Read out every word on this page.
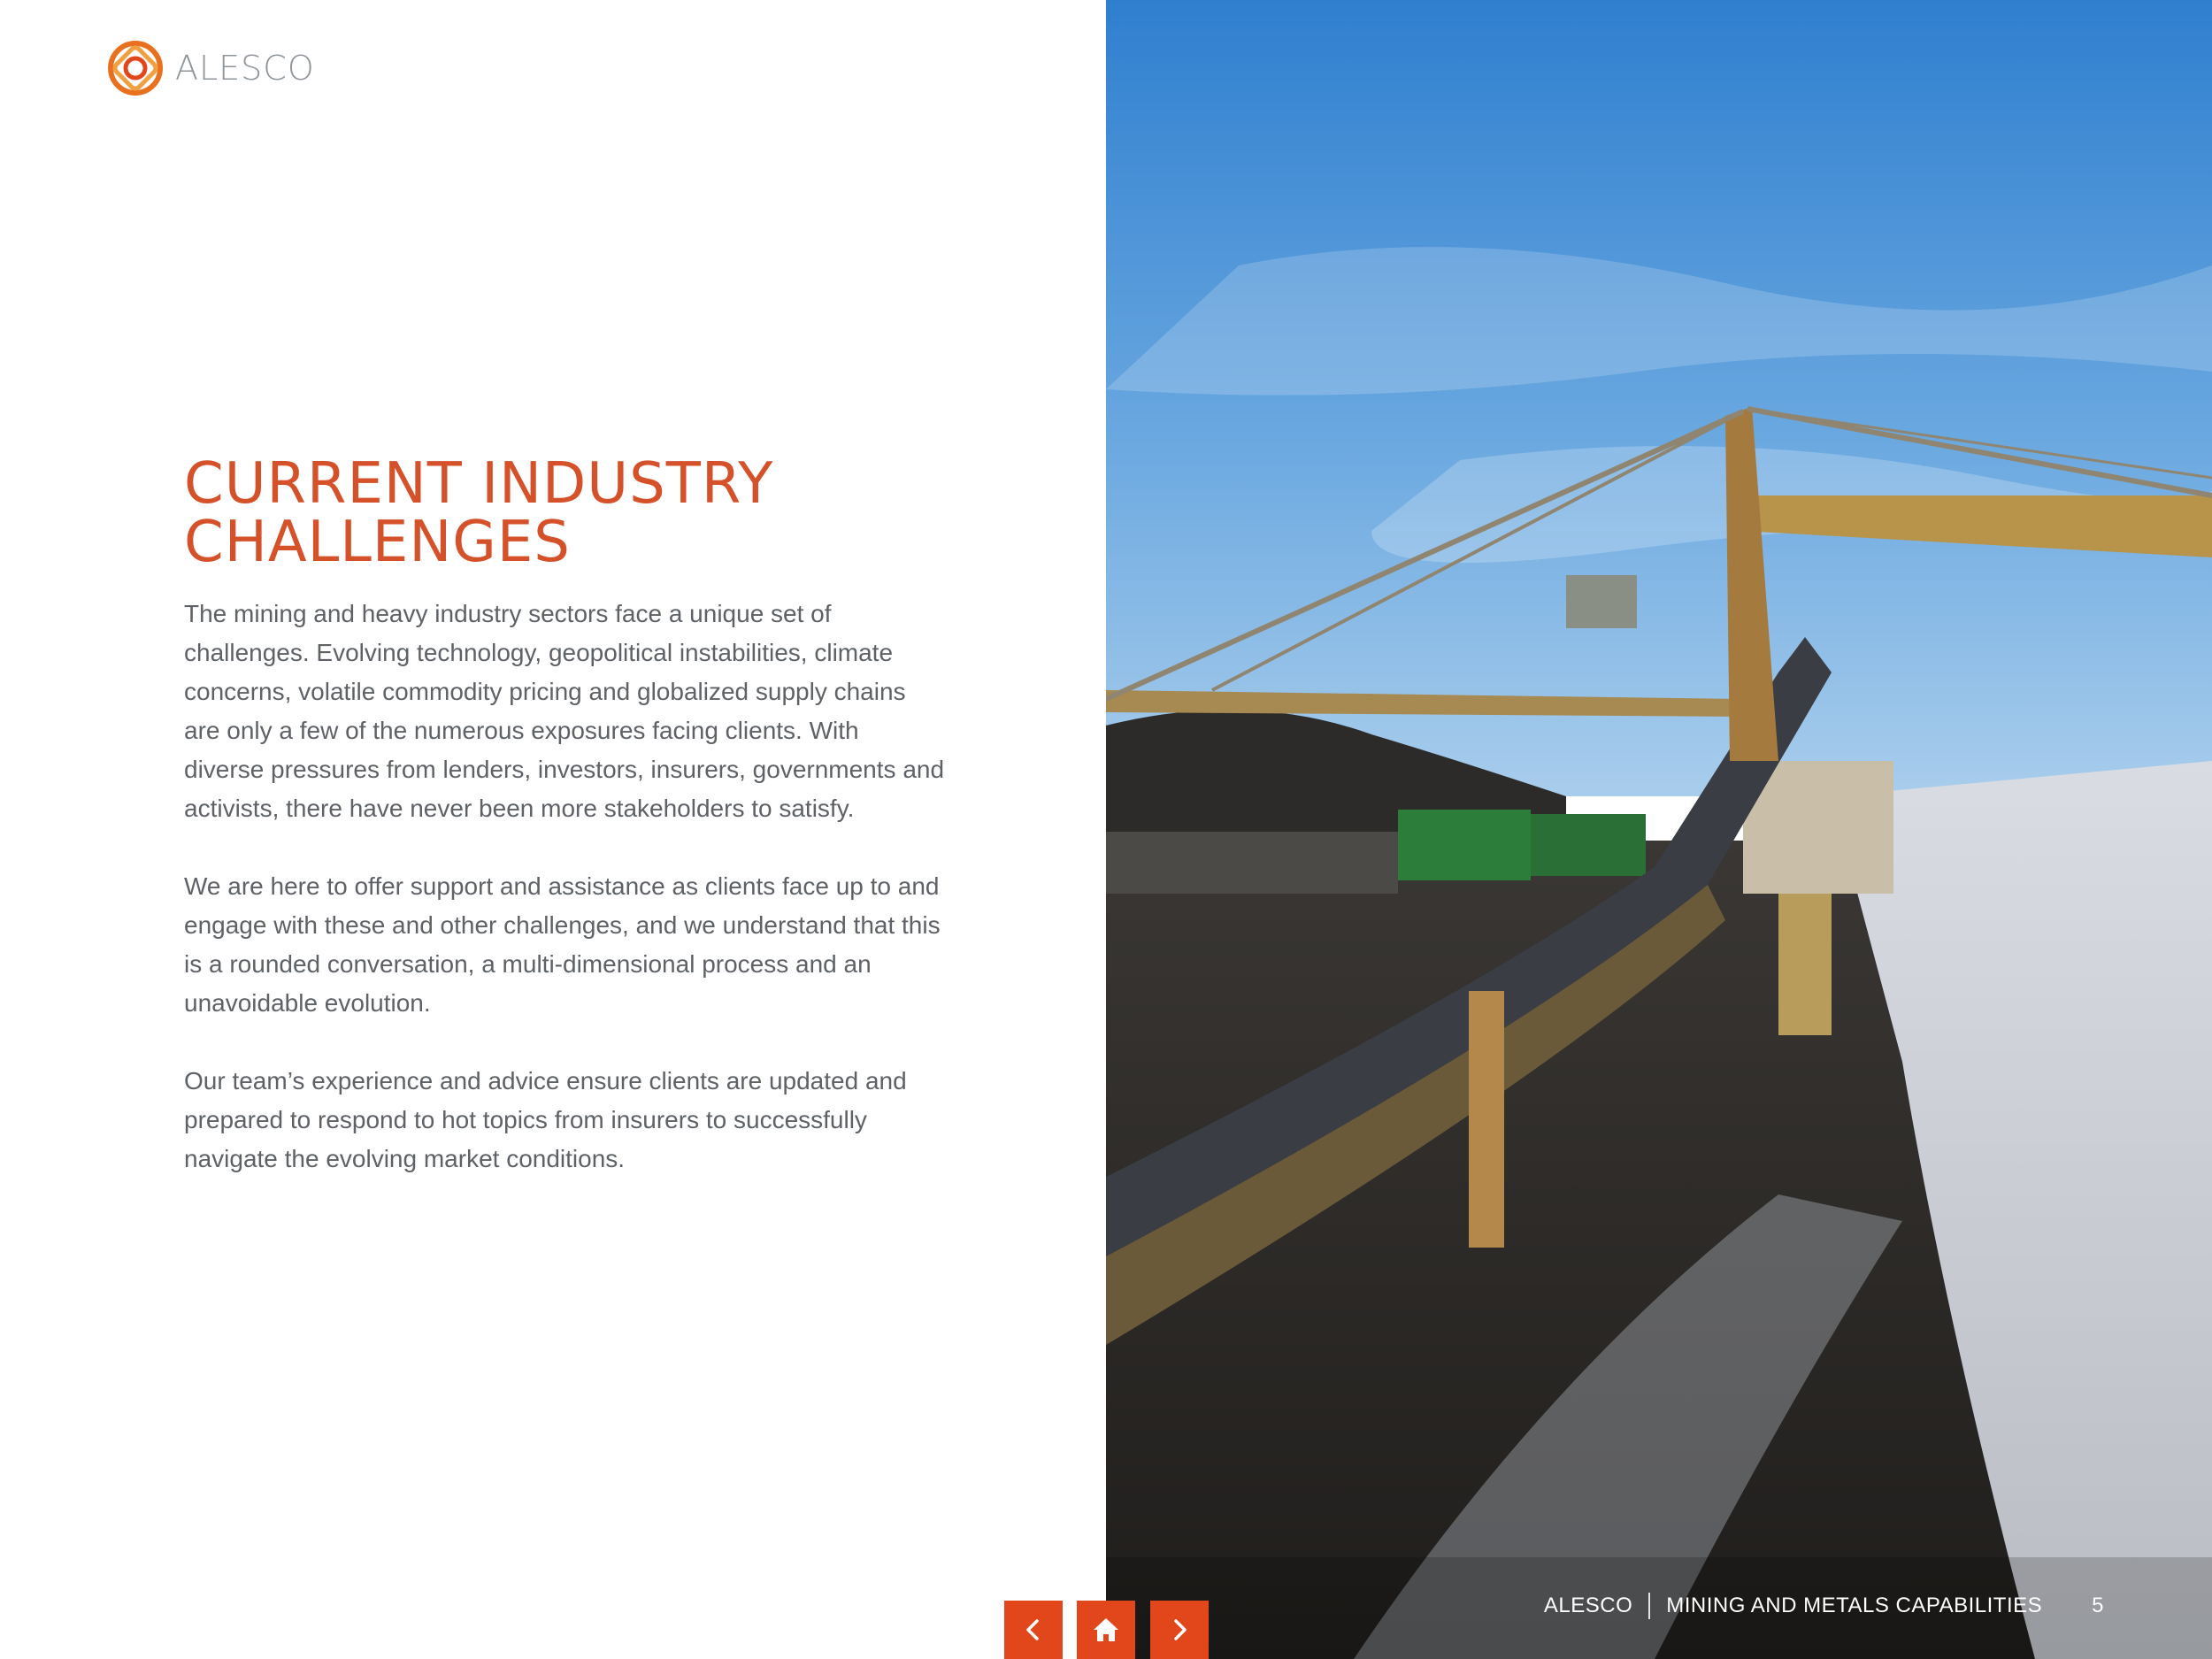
ALESCO
CURRENT INDUSTRY
CHALLENGES

The mining and heavy industry sectors face a unique set of challenges. Evolving technology, geopolitical instabilities, climate concerns, volatile commodity pricing and globalized supply chains are only a few of the numerous exposures facing clients. With diverse pressures from lenders, investors, insurers, governments and activists, there have never been more stakeholders to satisfy.

We are here to offer support and assistance as clients face up to and engage with these and other challenges, and we understand that this is a rounded conversation, a multi-dimensional process and an unavoidable evolution.

Our team’s experience and advice ensure clients are updated and prepared to respond to hot topics from insurers to successfully navigate the evolving market conditions.

ALESCO MINING AND METALS CAPABILITIES 5
